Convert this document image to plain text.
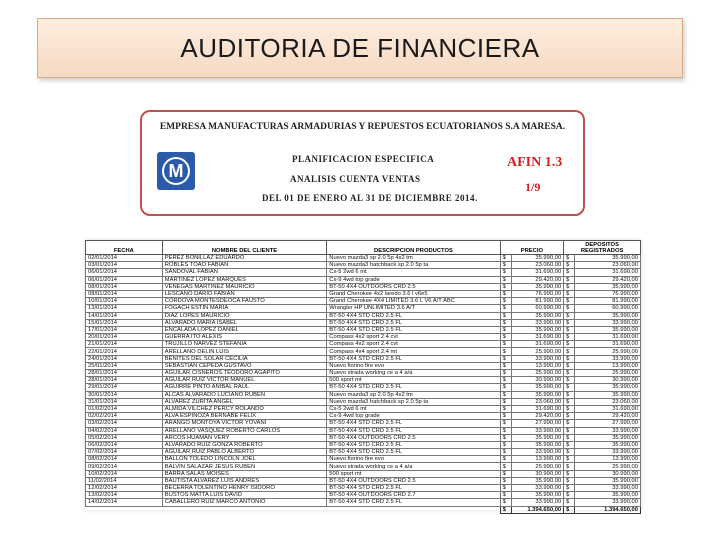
AUDITORIA DE FINANCIERA
EMPRESA MANUFACTURAS ARMADURIAS Y REPUESTOS ECUATORIANOS S.A MARESA.
M
PLANIFICACION ESPECIFICA
ANALISIS CUENTA VENTAS
DEL 01 DE ENERO AL 31 DE DICIEMBRE 2014.
AFIN 1.3
1/9
FECHA	NOMBRE DEL CLIENTE	DESCRIPCION PRODUCTOS	PRECIO		DEPOSITOS REGISTRADOS	
02/01/2014	PEREZ BONILLAZ EDUARDO	Nuevo mazda3 sp 2.0 5p 4x2 tm	$	35.990,00	$	35.990,00
03/01/2014	ROBLES TOAO FABIAN	Nuevo mazda3 hatchback sp 2.0 5p ta	$	23.060,00	$	23.060,00
06/01/2014	SANDOVAL FABIAN	Cx-5 2wd 6 mt	$	31.690,00	$	31.690,00
06/01/2014	MARTINEZ LOPEZ MARQUES	Cx-9 4wd top grade	$	29.420,00	$	29.420,00
08/01/2014	VENEGAS MARTINEZ MAURICIO	BT-50 4X4 OUTDOORS CRD 2.5	$	35.990,00	$	35.990,00
08/01/2014	LESCANO DARIO FABIAN	Grand Cherokee 4x2 laredo 3.6 l v6e5	$	76.990,00	$	76.990,00
10/01/2014	CORDOVA MONTESDEOCA FAUSTO	Grand Cherokee 4X4 LIMITED 3.6 L V6 A/T ABC	$	81.990,00	$	81.990,00
13/01/2014	FOGACH ESTIN MARIA	Wrangler HP UNLIMITED 3.6 A/T	$	60.990,00	$	60.990,00
14/01/2014	DIAZ LOPES MAURICIO	BT-50 4X4 STD CRD 2.5 FL	$	35.990,00	$	35.990,00
15/01/2014	ALVARADO MARIA ISABEL	BT-50 4X4 STD CRD 2.5 FL	$	33.990,00	$	33.990,00
17/01/2014	ENCALADA LOPEZ DANIEL	BT-50 4X4 STD CRD 2.5 FL	$	35.990,00	$	35.990,00
20/01/2014	GUERRA ITO ALEXIS	Compass 4x2 sport 2.4 cvt	$	31.690,00	$	31.690,00
21/01/2014	TRUJILLO NARVEZ STEFANIA	Compass 4x2 sport 2.4 cvt	$	31.690,00	$	31.690,00
22/01/2014	ARELLANO DELIN LUIS	Compass 4x4 sport 2.4 mt	$	25.990,00	$	25.990,00
24/01/2014	BENITES DEL SOLAR CECILIA	BT-50 4X4 STD CRD 2.5 FL	$	33.990,00	$	33.990,00
25/01/2014	SEBASTIAN CEPEDA GUSTAVO	Nuevo fiorino fire evo	$	13.990,00	$	13.990,00
28/01/2014	AGUILAR CISNEROS TEODORO AGAPITO	Nuevo strada working ce a 4 a/a	$	25.990,00	$	25.990,00
28/01/2014	AGUILAR RUIZ VICTOR MANUEL	500 sport mt	$	30.990,00	$	30.990,00
29/01/2014	AGUIRRE PINTO ANIBAL RAUL	BT-50 4X4 STD CRD 2.5 FL	$	35.990,00	$	35.990,00
30/01/2014	ALCAS ALVARADO LUCIANO RUBEN	Nuevo mazda3 sp 2.0 5p 4x2 tm	$	35.990,00	$	35.990,00
31/01/2014	ALVAREZ ZURITA ANGEL	Nuevo mazda3 hatchback sp 2.0 5p ta	$	23.060,00	$	23.060,00
01/02/2014	ALMIDA VILCHEZ PERCY ROLANDO	Cx-5 2wd 6 mt	$	31.690,00	$	31.690,00
02/02/2014	ALVA ESPINOZA BERNABE FELIX	Cx-9 4wd top grade	$	29.420,00	$	29.420,00
03/02/2014	ARANGO MONTOYA VICTOR YOVANI	BT-50 4X4 STD CRD 2.5 FL	$	27.990,00	$	27.990,00
04/02/2014	ARELLANO VASQUEZ ROBERTO CARLOS	BT-50 4X4 STD CRD 2.5 FL	$	33.990,00	$	33.990,00
05/02/2014	ARCOS HUAMAN VERY	BT-50 4X4 OUTDOORS CRD 2.5	$	35.990,00	$	35.990,00
06/02/2014	ALVARADO RUIZ GONZA ROBERTO	BT-50 4X4 STD CRD 2.5 FL	$	35.990,00	$	35.990,00
07/02/2014	AGUILAR RUIZ PABLO ALBERTO	BT-50 4X4 STD CRD 2.5 FL	$	33.990,00	$	33.990,00
08/02/2014	BALLON TOLEDO LINCOLN JOEL	Nuevo fiorino fire evo	$	13.990,00	$	13.990,00
09/02/2014	BALVIN SALAZAR JESUS RUBEN	Nuevo strada working ce a 4 a/a	$	25.990,00	$	25.990,00
10/02/2014	BARRA SALAS MOISES	500 sport mt	$	30.990,00	$	30.990,00
11/02/2014	BAUTISTA ALVAREZ LUIS ANDRES	BT-50 4X4 OUTDOORS CRD 2.5	$	35.990,00	$	35.990,00
12/02/2014	BECERRA TOLENTINO HENRY ISIDORO	BT-50 4X4 STD CRD 2.5 FL	$	33.990,00	$	33.990,00
13/02/2014	BUSTOS MATTA LUIS DAVID	BT-50 4X4 OUTDOORS CRD 2.7	$	35.990,00	$	35.990,00
14/02/2014	CABALLERO RUIZ MARCO ANTONIO	BT-50 4X4 STD CRD 2.5 FL	$	33.990,00	$	33.990,00
			$	1.394.650,00	$	1.394.650,00
